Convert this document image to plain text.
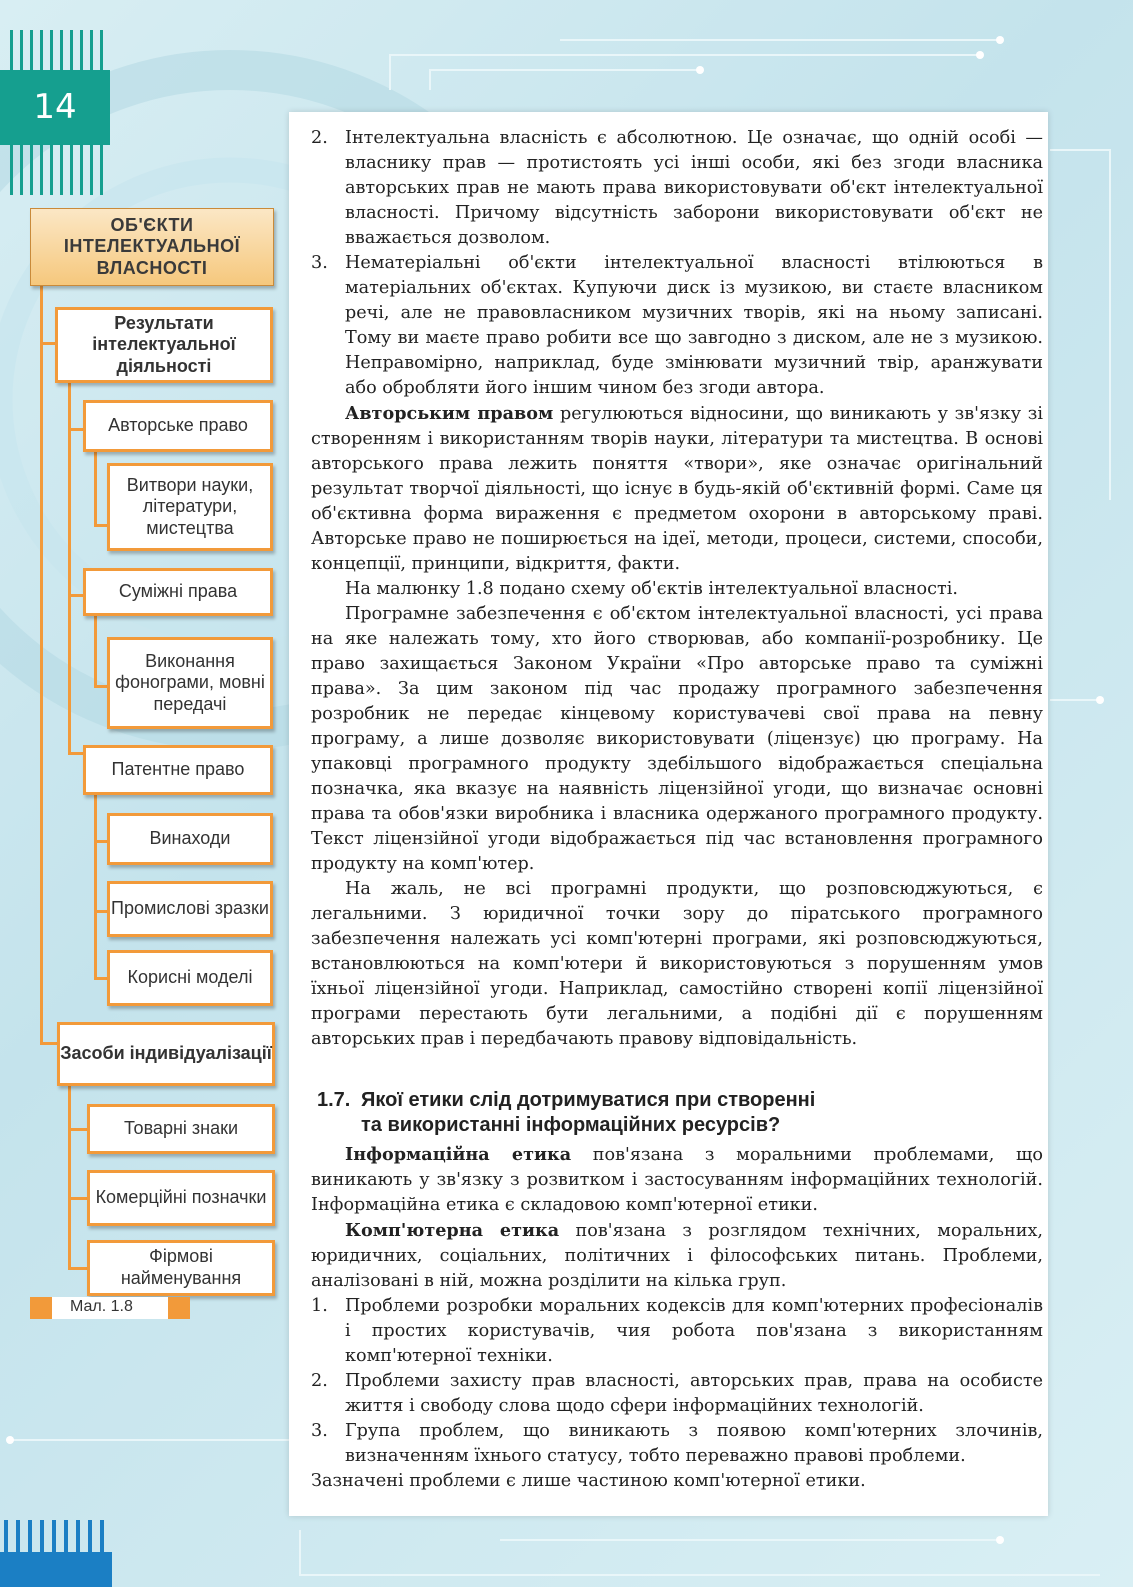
14
ОБ'ЄКТИ ІНТЕЛЕКТУАЛЬНОЇ ВЛАСНОСТІ
Результати інтелектуальної діяльності
Авторське право
Витвори науки, літератури, мистецтва
Суміжні права
Виконання фонограми, мовні передачі
Патентне право
Винаходи
Промислові зразки
Корисні моделі
Засоби індивідуалізації
Товарні знаки
Комерційні позначки
Фірмові найменування
Мал. 1.8

2. Інтелектуальна власність є абсолютною. Це означає, що одній особі — власнику прав — протистоять усі інші особи, які без згоди власника авторських прав не мають права використовувати об'єкт інтелектуальної власності. Причому відсутність заборони використовувати об'єкт не вважається дозволом.

3. Нематеріальні об'єкти інтелектуальної власності втілюються в матеріальних об'єктах. Купуючи диск із музикою, ви стаєте власником речі, але не правовласником музичних творів, які на ньому записані. Тому ви маєте право робити все що завгодно з диском, але не з музикою. Неправомірно, наприклад, буде змінювати музичний твір, аранжувати або обробляти його іншим чином без згоди автора.

Авторським правом регулюються відносини, що виникають у зв'язку зі створенням і використанням творів науки, літератури та мистецтва. В основі авторського права лежить поняття «твори», яке означає оригінальний результат творчої діяльності, що існує в будь-якій об'єктивній формі. Саме ця об'єктивна форма вираження є предметом охорони в авторському праві. Авторське право не поширюється на ідеї, методи, процеси, системи, способи, концепції, принципи, відкриття, факти.

На малюнку 1.8 подано схему об'єктів інтелектуальної власності.

Програмне забезпечення є об'єктом інтелектуальної власності, усі права на яке належать тому, хто його створював, або компанії-розробнику. Це право захищається Законом України «Про авторське право та суміжні права». За цим законом під час продажу програмного забезпечення розробник не передає кінцевому користувачеві свої права на певну програму, а лише дозволяє використовувати (ліцензує) цю програму. На упаковці програмного продукту здебільшого відображається спеціальна позначка, яка вказує на наявність ліцензійної угоди, що визначає основні права та обов'язки виробника і власника одержаного програмного продукту. Текст ліцензійної угоди відображається під час встановлення програмного продукту на комп'ютер.

На жаль, не всі програмні продукти, що розповсюджуються, є легальними. З юридичної точки зору до піратського програмного забезпечення належать усі комп'ютерні програми, які розповсюджуються, встановлюються на комп'ютери й використовуються з порушенням умов їхньої ліцензійної угоди. Наприклад, самостійно створені копії ліцензійної програми перестають бути легальними, а подібні дії є порушенням авторських прав і передбачають правову відповідальність.

1.7. Якої етики слід дотримуватися при створенні
та використанні інформаційних ресурсів?

Інформаційна етика пов'язана з моральними проблемами, що виникають у зв'язку з розвитком і застосуванням інформаційних технологій. Інформаційна етика є складовою комп'ютерної етики.

Комп'ютерна етика пов'язана з розглядом технічних, моральних, юридичних, соціальних, політичних і філософських питань. Проблеми, аналізовані в ній, можна розділити на кілька груп.

1. Проблеми розробки моральних кодексів для комп'ютерних професіоналів і простих користувачів, чия робота пов'язана з використанням комп'ютерної техніки.

2. Проблеми захисту прав власності, авторських прав, права на особисте життя і свободу слова щодо сфери інформаційних технологій.

3. Група проблем, що виникають з появою комп'ютерних злочинів, визначенням їхнього статусу, тобто переважно правові проблеми.

Зазначені проблеми є лише частиною комп'ютерної етики.
